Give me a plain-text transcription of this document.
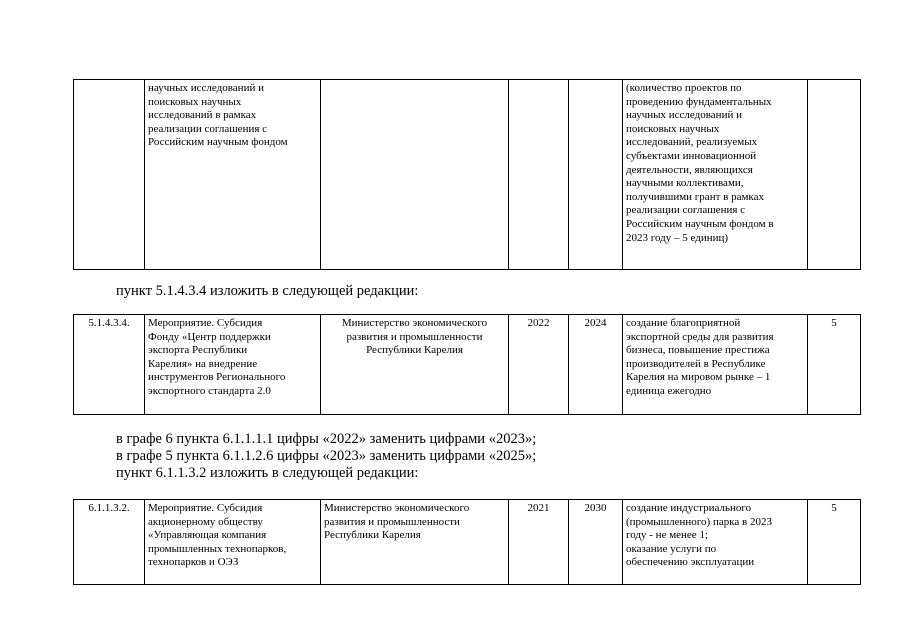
	научных исследований и
поисковых научных
исследований в рамках
реализации соглашения с
Российским научным фондом				(количество проектов по
проведению фундаментальных
научных исследований и
поисковых научных
исследований, реализуемых
субъектами инновационной
деятельности, являющихся
научными коллективами,
получившими грант в рамках
реализации соглашения с
Российским научным фондом в
2023 году – 5 единиц)	
пункт 5.1.4.3.4 изложить в следующей редакции:
5.1.4.3.4.	Мероприятие. Субсидия
Фонду «Центр поддержки
экспорта Республики
Карелия» на внедрение
инструментов Регионального
экспортного стандарта 2.0	Министерство экономического
развития и промышленности
Республики Карелия	2022	2024	создание благоприятной
экспортной среды для развития
бизнеса, повышение престижа
производителей в Республике
Карелия на мировом рынке – 1
единица ежегодно	5
в графе 6 пункта 6.1.1.1.1 цифры «2022» заменить цифрами «2023»;
в графе 5 пункта 6.1.1.2.6 цифры «2023» заменить цифрами «2025»;
пункт 6.1.1.3.2 изложить в следующей редакции:
6.1.1.3.2.	Мероприятие. Субсидия
акционерному обществу
«Управляющая компания
промышленных технопарков,
технопарков и ОЭЗ	Министерство экономического
развития и промышленности
Республики Карелия	2021	2030	создание индустриального
(промышленного) парка в 2023
году - не менее 1;
оказание услуги по
обеспечению эксплуатации	5
